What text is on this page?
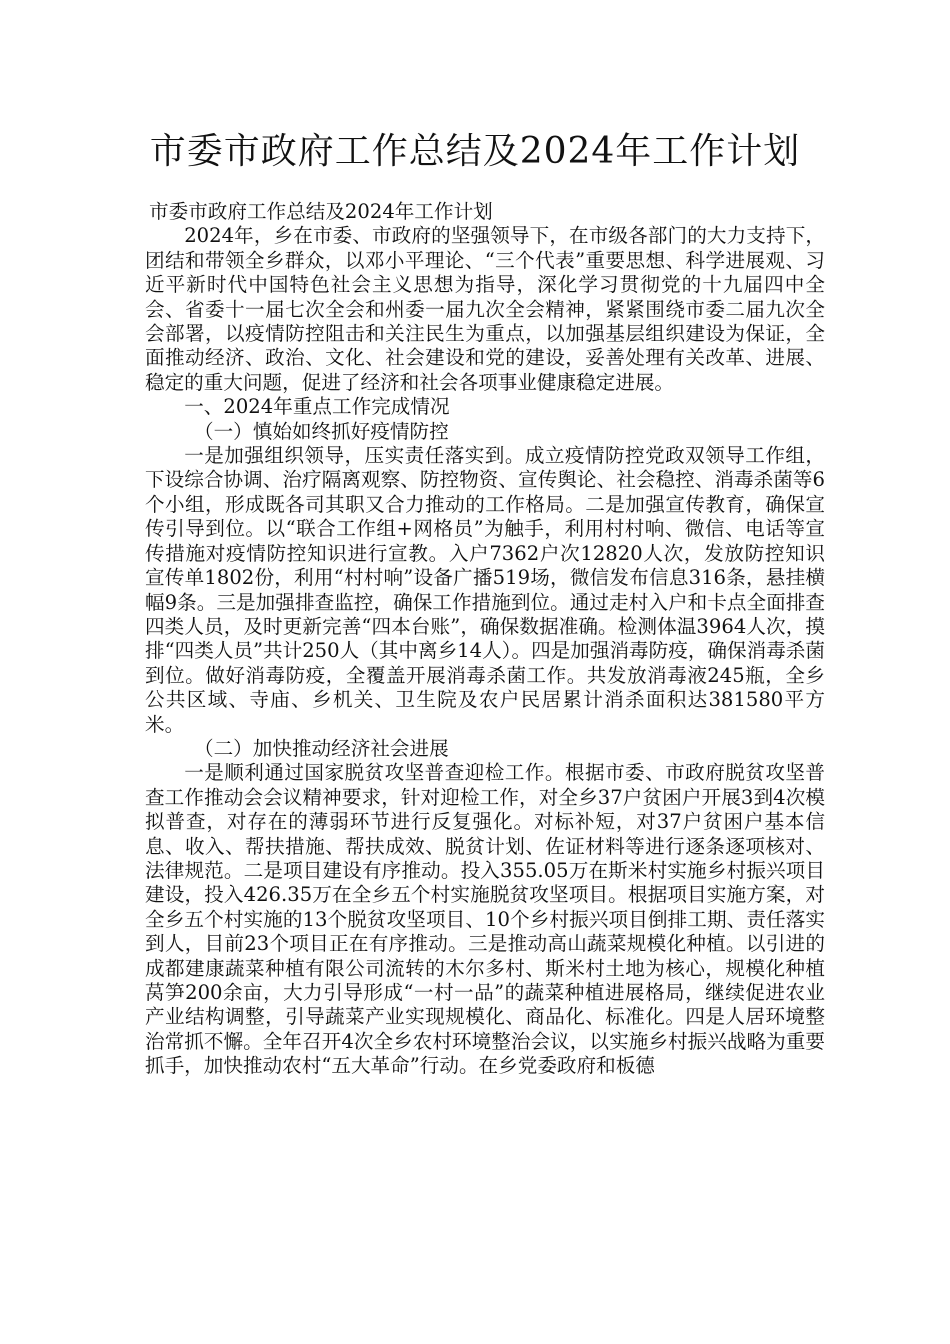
市委市政府工作总结及2024年工作计划

市委市政府工作总结及2024年工作计划

2024年，乡在市委、市政府的坚强领导下，在市级各部门的大力支持下，团结和带领全乡群众，以邓小平理论、“三个代表”重要思想、科学进展观、习近平新时代中国特色社会主义思想为指导，深化学习贯彻党的十九届四中全会、省委十一届七次全会和州委一届九次全会精神，紧紧围绕市委二届九次全会部署，以疫情防控阻击和关注民生为重点，以加强基层组织建设为保证，全面推动经济、政治、文化、社会建设和党的建设，妥善处理有关改革、进展、稳定的重大问题，促进了经济和社会各项事业健康稳定进展。

一、2024年重点工作完成情况

（一）慎始如终抓好疫情防控

一是加强组织领导，压实责任落实到。成立疫情防控党政双领导工作组，下设综合协调、治疗隔离观察、防控物资、宣传舆论、社会稳控、消毒杀菌等6个小组，形成既各司其职又合力推动的工作格局。二是加强宣传教育，确保宣传引导到位。以“联合工作组+网格员”为触手，利用村村响、微信、电话等宣传措施对疫情防控知识进行宣教。入户7362户次12820人次，发放防控知识宣传单1802份，利用“村村响”设备广播519场，微信发布信息316条，悬挂横幅9条。三是加强排查监控，确保工作措施到位。通过走村入户和卡点全面排查四类人员，及时更新完善“四本台账”，确保数据准确。检测体温3964人次，摸排“四类人员”共计250人（其中离乡14人）。四是加强消毒防疫，确保消毒杀菌到位。做好消毒防疫，全覆盖开展消毒杀菌工作。共发放消毒液245瓶，全乡公共区域、寺庙、乡机关、卫生院及农户民居累计消杀面积达381580平方米。

（二）加快推动经济社会进展

一是顺利通过国家脱贫攻坚普查迎检工作。根据市委、市政府脱贫攻坚普查工作推动会会议精神要求，针对迎检工作，对全乡37户贫困户开展3到4次模拟普查，对存在的薄弱环节进行反复强化。对标补短，对37户贫困户基本信息、收入、帮扶措施、帮扶成效、脱贫计划、佐证材料等进行逐条逐项核对、法律规范。二是项目建设有序推动。投入355.05万在斯米村实施乡村振兴项目建设，投入426.35万在全乡五个村实施脱贫攻坚项目。根据项目实施方案，对全乡五个村实施的13个脱贫攻坚项目、10个乡村振兴项目倒排工期、责任落实到人，目前23个项目正在有序推动。三是推动高山蔬菜规模化种植。以引进的成都建康蔬菜种植有限公司流转的木尔多村、斯米村土地为核心，规模化种植莴笋200余亩，大力引导形成“一村一品”的蔬菜种植进展格局，继续促进农业产业结构调整，引导蔬菜产业实现规模化、商品化、标准化。四是人居环境整治常抓不懈。全年召开4次全乡农村环境整治会议，以实施乡村振兴战略为重要抓手，加快推动农村“五大革命”行动。在乡党委政府和板德
